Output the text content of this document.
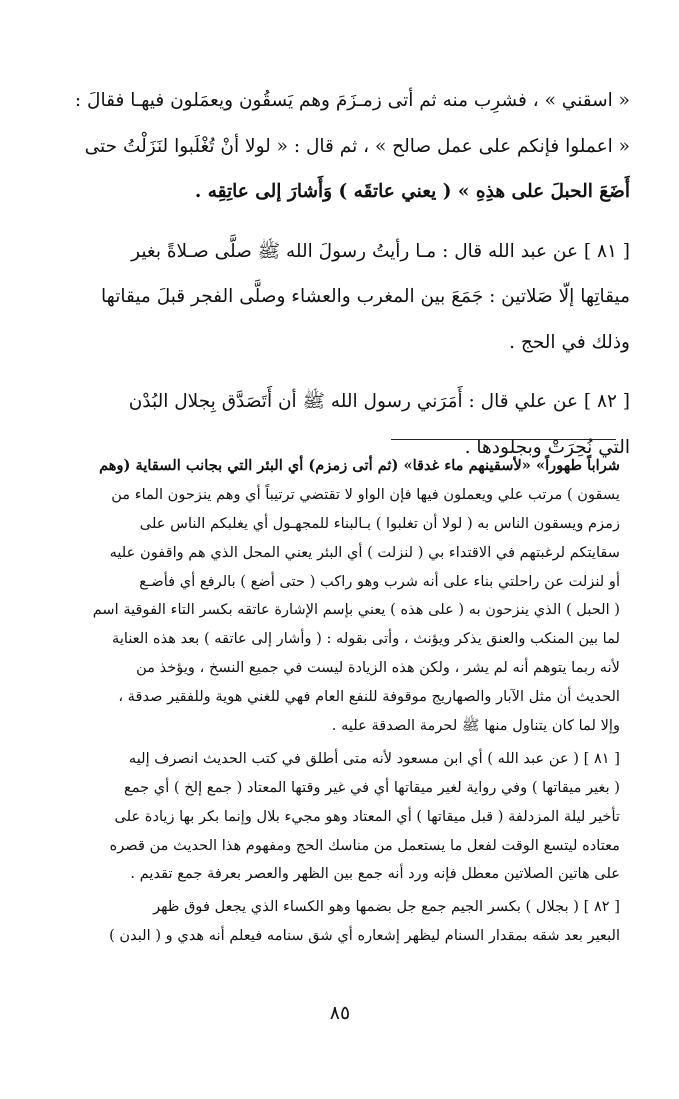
« اسقني » ، فشرِب منه ثم أتى زمـزَمَ وهم يَسقُون ويعمَلون فيهـا فقالَ :
« اعملوا فإنكم على عمل صالح » ، ثم قال : « لولا أنْ تُغْلَبوا لنَزَلْتُ حتى
أَضَعَ الحبلَ على هذِهِ » ( يعني عاتقَه ) وَأَشارَ إلى عاتِقِه .
[ ٨١ ] عن عبد الله قال : مـا رأيتُ رسولَ الله ﷺ صلَّى صـلاةً بغير
ميقاتِها إلّا صَلاتين : جَمَعَ بين المغرب والعشاء وصلَّى الفجر قبلَ ميقاتها
وذلك في الحج .
[ ٨٢ ] عن علي قال : أَمَرَني رسول الله ﷺ أن أَتَصَدَّق بِجلال البُدْن
التي نُحِرَتْ وبجلودها .
شراباً طهوراً» «لأسقينهم ماء غدقا» (ثم أتى زمزم) أي البئر التي بجانب السقاية (وهم
يسقون ) مرتب علي ويعملون فيها فإن الواو لا تقتضي ترتيباً أي وهم ينزحون الماء من
زمزم ويسقون الناس به ( لولا أن تغلبوا ) بـالبناء للمجهـول أي يغلبكم الناس على
سقايتكم لرغبتهم في الاقتداء بي ( لنزلت ) أي البئر يعني المحل الذي هم واقفون عليه
أو لنزلت عن راحلتي بناء على أنه شرب وهو راكب ( حتى أضع ) بالرفع أي فأضـع
( الحبل ) الذي ينزحون به ( على هذه ) يعني بإسم الإشارة عاتقه بكسر التاء الفوقية اسم
لما بين المنكب والعنق يذكر ويؤنث ، وأتى بقوله : ( وأشار إلى عاتقه ) بعد هذه العناية
لأنه ربما يتوهم أنه لم يشر ، ولكن هذه الزيادة ليست في جميع النسخ ، ويؤخذ من
الحديث أن مثل الآبار والصهاريج موقوفة للنفع العام فهي للغني هوية وللفقير صدقة ،
وإلا لما كان يتناول منها ﷺ لحرمة الصدقة عليه .
[ ٨١ ] ( عن عبد الله ) أي ابن مسعود لأنه متى أطلق في كتب الحديث انصرف إليه
( بغير ميقاتها ) وفي رواية لغير ميقاتها أي في غير وقتها المعتاد ( جمع إلخ ) أي جمع
تأخير ليلة المزدلفة ( قبل ميقاتها ) أي المعتاد وهو مجيء بلال وإنما بكر بها زيادة على
معتاده ليتسع الوقت لفعل ما يستعمل من مناسك الحج ومفهوم هذا الحديث من قصره
على هاتين الصلاتين معطل فإنه ورد أنه جمع بين الظهر والعصر بعرفة جمع تقديم .
[ ٨٢ ] ( بجلال ) بكسر الجيم جمع جل بضمها وهو الكساء الذي يجعل فوق ظهر
البعير بعد شقه بمقدار السنام ليظهر إشعاره أي شق سنامه فيعلم أنه هدي و ( البدن )
٨٥
